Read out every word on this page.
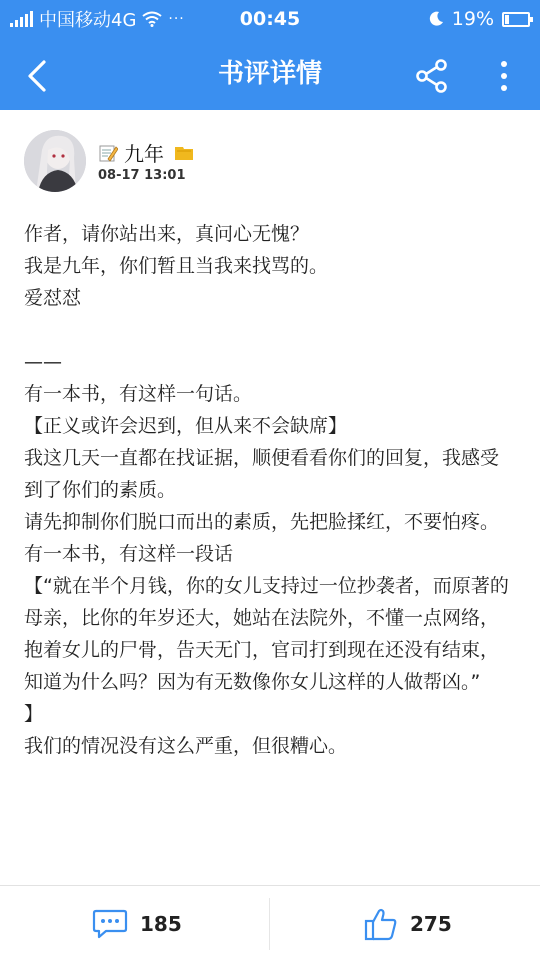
中国移动4G ···	00:45	19%
书评详情
九年
08-17 13:01

作者，请你站出来，真问心无愧？

我是九年，你们暂且当我来找骂的。

爱怼怼

——

有一本书，有这样一句话。

【正义或许会迟到，但从来不会缺席】

我这几天一直都在找证据，顺便看看你们的回复，我感受到了你们的素质。

请先抑制你们脱口而出的素质，先把脸揉红，不要怕疼。

有一本书，有这样一段话

【“就在半个月钱，你的女儿支持过一位抄袭者，而原著的母亲，比你的年岁还大，她站在法院外，不懂一点网络，抱着女儿的尸骨，告天无门，官司打到现在还没有结束，知道为什么吗？因为有无数像你女儿这样的人做帮凶。”

】

我们的情况没有这么严重，但很糟心。

185	275
